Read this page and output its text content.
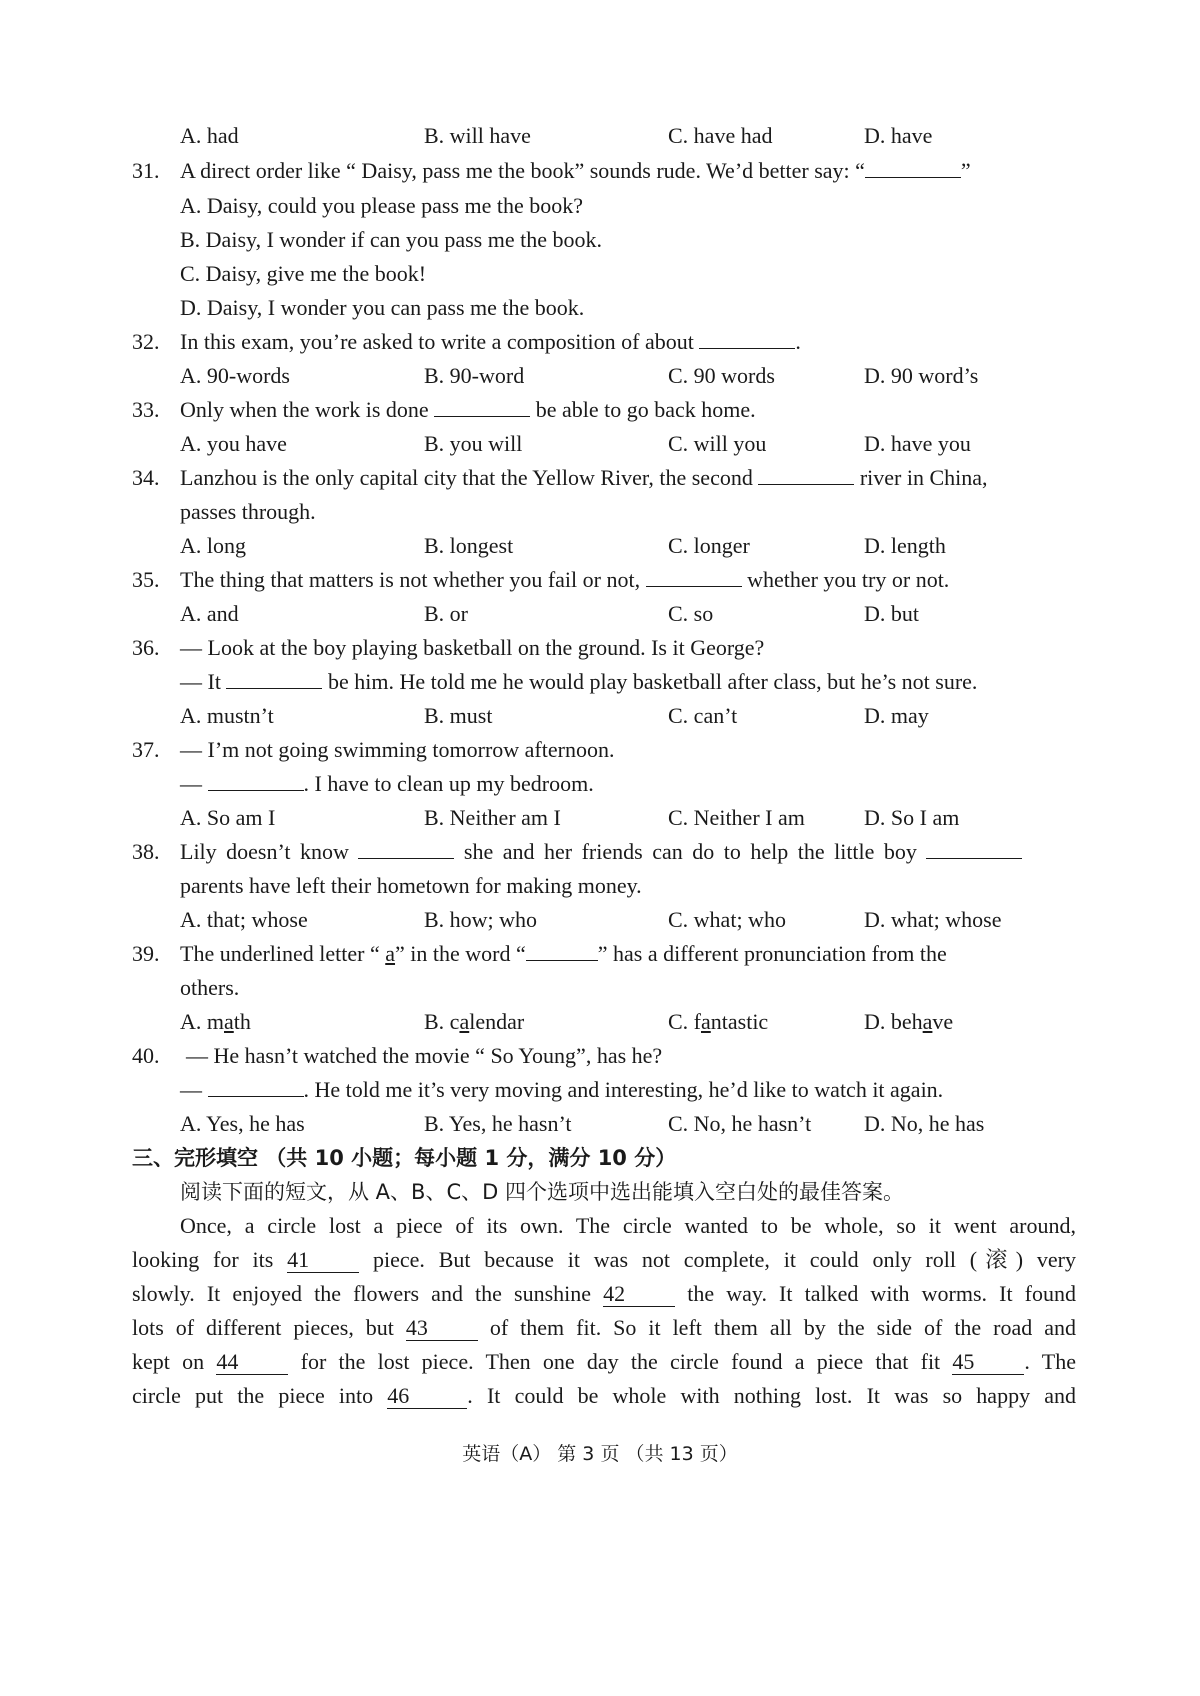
A. had	B. will have	C. have had	D. have
31. A direct order like “ Daisy, pass me the book” sounds rude. We’d better say: “	”
A. Daisy, could you please pass me the book?
B. Daisy, I wonder if can you pass me the book.
C. Daisy, give me the book!
D. Daisy, I wonder you can pass me the book.
32. In this exam, you’re asked to write a composition of about	.
A. 90-words	B. 90-word	C. 90 words	D. 90 word’s
33. Only when the work is done	be able to go back home.
A. you have	B. you will	C. will you	D. have you
34. Lanzhou is the only capital city that the Yellow River, the second	river in China,
passes through.
A. long	B. longest	C. longer	D. length
35. The thing that matters is not whether you fail or not,	whether you try or not.
A. and	B. or	C. so	D. but
36. — Look at the boy playing basketball on the ground. Is it George?
— It	be him. He told me he would play basketball after class, but he’s not sure.
A. mustn’t	B. must	C. can’t	D. may
37. — I’m not going swimming tomorrow afternoon.
—	. I have to clean up my bedroom.
A. So am I	B. Neither am I	C. Neither I am	D. So I am
38. Lily doesn’t know	she and her friends can do to help the little boy
parents have left their hometown for making money.
A. that; whose	B. how; who	C. what; who	D. what; whose
39. The underlined letter “ a” in the word “	” has a different pronunciation from the
others.
A. math	B. calendar	C. fantastic	D. behave
40. — He hasn’t watched the movie “ So Young”, has he?
—	. He told me it’s very moving and interesting, he’d like to watch it again.
A. Yes, he has	B. Yes, he hasn’t	C. No, he hasn’t D. No, he has
三、完形填空 （共 10 小题；每小题 1 分，满分 10 分）
阅读下面的短文，从 A、B、C、D 四个选项中选出能填入空白处的最佳答案。
Once, a circle lost a piece of its own. The circle wanted to be whole, so it went around,
looking for its 41 piece. But because it was not complete, it could only roll (滚) very
slowly. It enjoyed the flowers and the sunshine 42 the way. It talked with worms. It found
lots of different pieces, but 43 of them fit. So it left them all by the side of the road and
kept on 44 for the lost piece. Then one day the circle found a piece that fit 45 . The
circle put the piece into 46	. It could be whole with nothing lost. It was so happy and
英语（A） 第 3 页 （共 13 页）
